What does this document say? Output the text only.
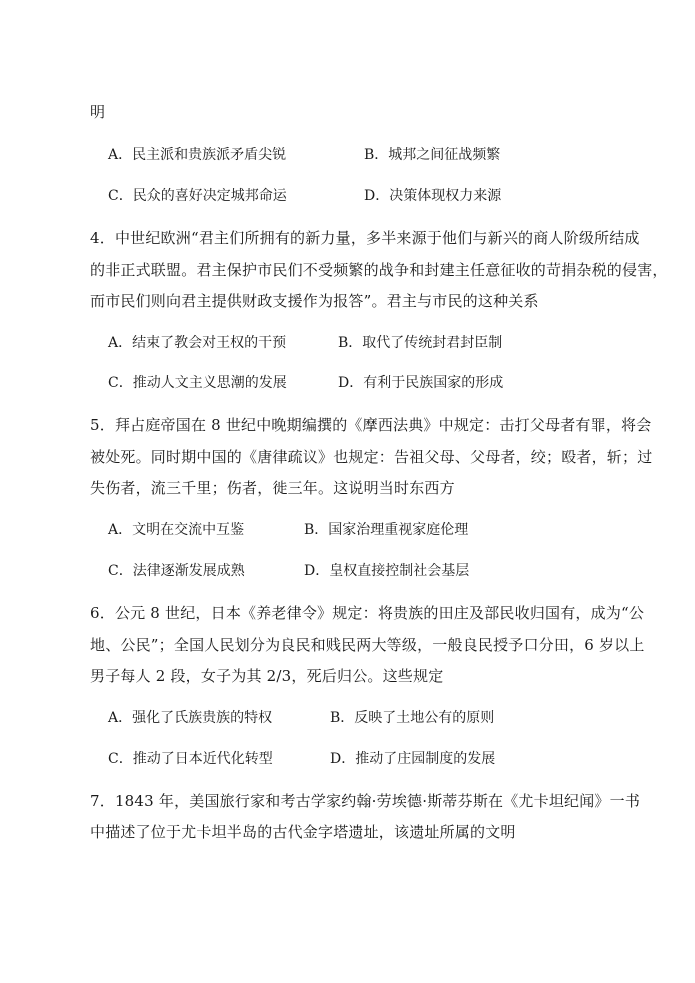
明
A．民主派和贵族派矛盾尖锐	B．城邦之间征战频繁
C．民众的喜好决定城邦命运	D．决策体现权力来源
4．中世纪欧洲“君主们所拥有的新力量，多半来源于他们与新兴的商人阶级所结成
的非正式联盟。君主保护市民们不受频繁的战争和封建主任意征收的苛捐杂税的侵害，
而市民们则向君主提供财政支援作为报答”。君主与市民的这种关系
A．结束了教会对王权的干预	B．取代了传统封君封臣制
C．推动人文主义思潮的发展	D．有利于民族国家的形成
5．拜占庭帝国在 8 世纪中晚期编撰的《摩西法典》中规定：击打父母者有罪，将会
被处死。同时期中国的《唐律疏议》也规定：告祖父母、父母者，绞；殴者，斩；过
失伤者，流三千里；伤者，徙三年。这说明当时东西方
A．文明在交流中互鉴	B．国家治理重视家庭伦理
C．法律逐渐发展成熟	D．皇权直接控制社会基层
6．公元 8 世纪，日本《养老律令》规定：将贵族的田庄及部民收归国有，成为“公
地、公民”；全国人民划分为良民和贱民两大等级，一般良民授予口分田，6 岁以上
男子每人 2 段，女子为其 2/3，死后归公。这些规定
A．强化了氏族贵族的特权	B．反映了土地公有的原则
C．推动了日本近代化转型	D．推动了庄园制度的发展
7．1843 年，美国旅行家和考古学家约翰·劳埃德·斯蒂芬斯在《尤卡坦纪闻》一书
中描述了位于尤卡坦半岛的古代金字塔遗址，该遗址所属的文明
